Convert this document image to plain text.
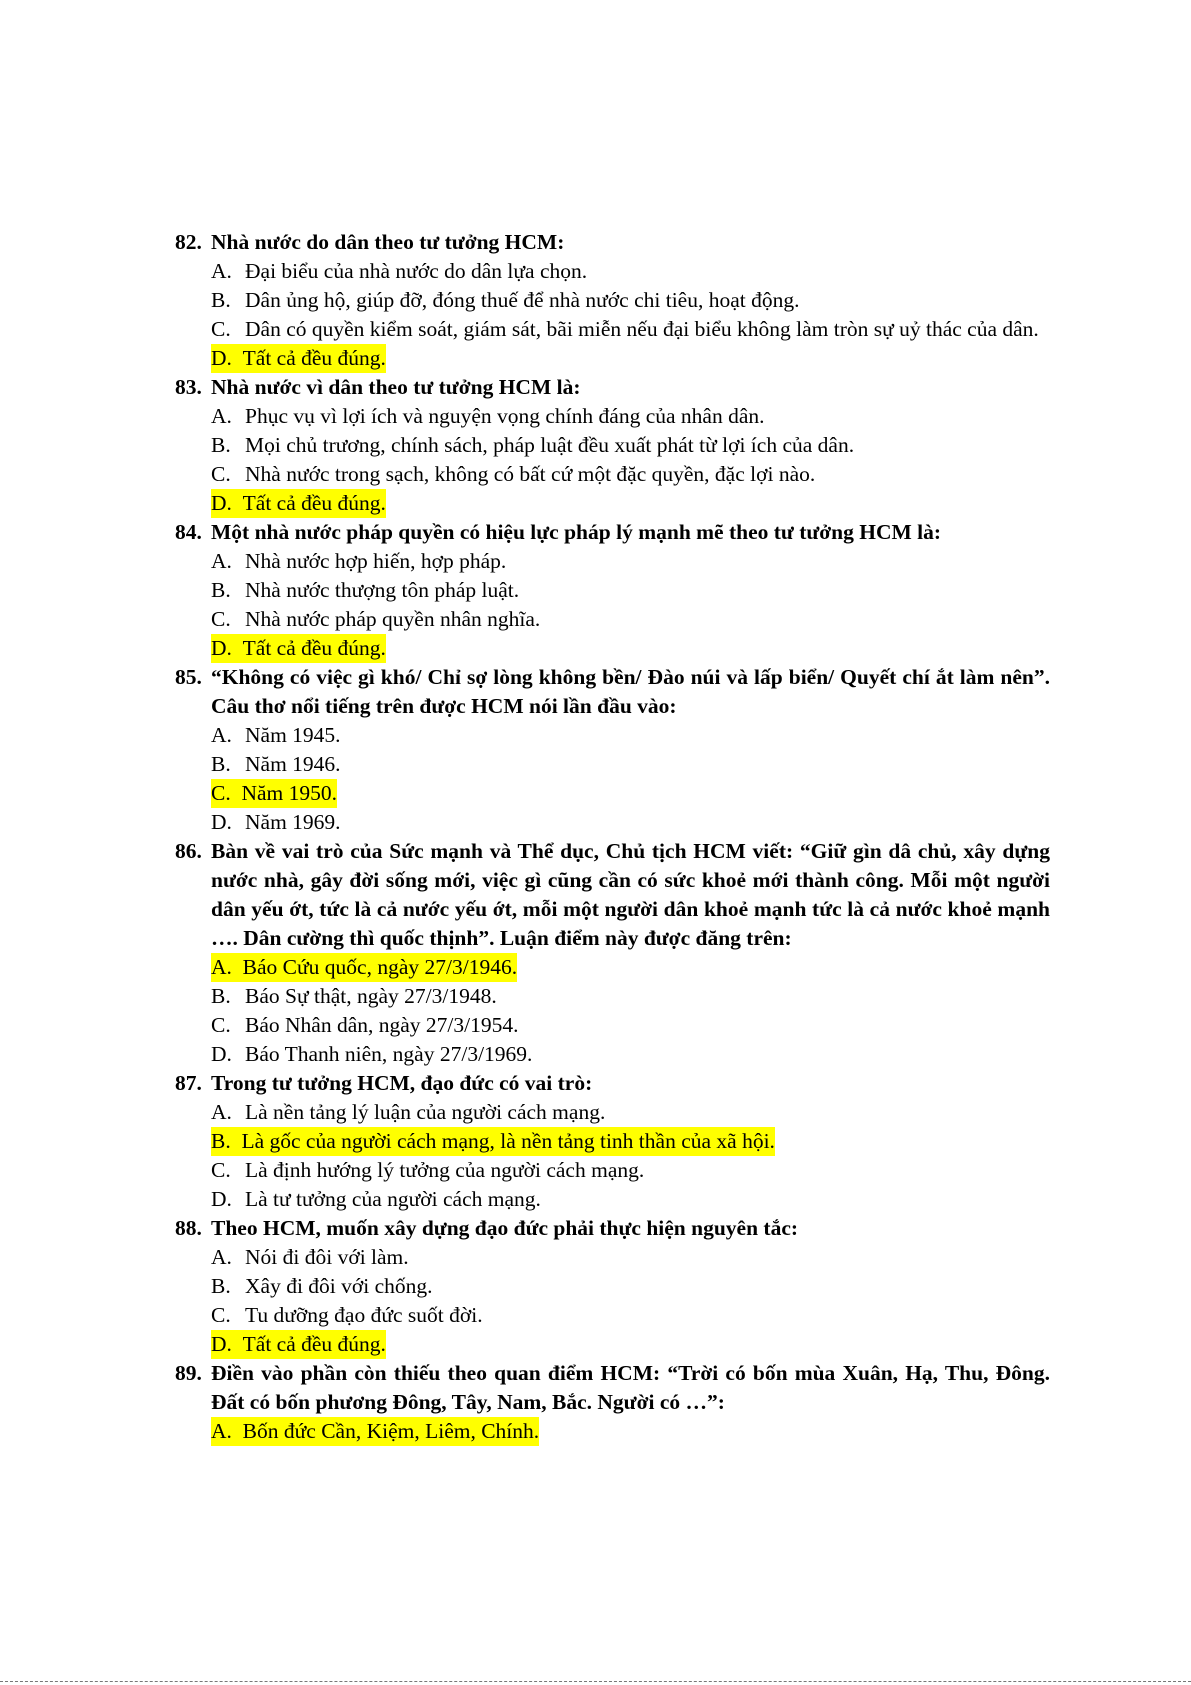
82. Nhà nước do dân theo tư tưởng HCM:
A. Đại biểu của nhà nước do dân lựa chọn.
B. Dân ủng hộ, giúp đỡ, đóng thuế để nhà nước chi tiêu, hoạt động.
C. Dân có quyền kiểm soát, giám sát, bãi miễn nếu đại biểu không làm tròn sự uỷ thác của dân.
D. Tất cả đều đúng.
83. Nhà nước vì dân theo tư tưởng HCM là:
A. Phục vụ vì lợi ích và nguyện vọng chính đáng của nhân dân.
B. Mọi chủ trương, chính sách, pháp luật đều xuất phát từ lợi ích của dân.
C. Nhà nước trong sạch, không có bất cứ một đặc quyền, đặc lợi nào.
D. Tất cả đều đúng.
84. Một nhà nước pháp quyền có hiệu lực pháp lý mạnh mẽ theo tư tưởng HCM là:
A. Nhà nước hợp hiến, hợp pháp.
B. Nhà nước thượng tôn pháp luật.
C. Nhà nước pháp quyền nhân nghĩa.
D. Tất cả đều đúng.
85. “Không có việc gì khó/ Chỉ sợ lòng không bền/ Đào núi và lấp biển/ Quyết chí ắt làm nên”. Câu thơ nổi tiếng trên được HCM nói lần đầu vào:
A. Năm 1945.
B. Năm 1946.
C. Năm 1950.
D. Năm 1969.
86. Bàn về vai trò của Sức mạnh và Thể dục, Chủ tịch HCM viết: “Giữ gìn dâ chủ, xây dựng nước nhà, gây đời sống mới, việc gì cũng cần có sức khoẻ mới thành công. Mỗi một người dân yếu ớt, tức là cả nước yếu ớt, mỗi một người dân khoẻ mạnh tức là cả nước khoẻ mạnh …. Dân cường thì quốc thịnh”. Luận điểm này được đăng trên:
A. Báo Cứu quốc, ngày 27/3/1946.
B. Báo Sự thật, ngày 27/3/1948.
C. Báo Nhân dân, ngày 27/3/1954.
D. Báo Thanh niên, ngày 27/3/1969.
87. Trong tư tưởng HCM, đạo đức có vai trò:
A. Là nền tảng lý luận của người cách mạng.
B. Là gốc của người cách mạng, là nền tảng tinh thần của xã hội.
C. Là định hướng lý tưởng của người cách mạng.
D. Là tư tưởng của người cách mạng.
88. Theo HCM, muốn xây dựng đạo đức phải thực hiện nguyên tắc:
A. Nói đi đôi với làm.
B. Xây đi đôi với chống.
C. Tu dưỡng đạo đức suốt đời.
D. Tất cả đều đúng.
89. Điền vào phần còn thiếu theo quan điểm HCM: “Trời có bốn mùa Xuân, Hạ, Thu, Đông. Đất có bốn phương Đông, Tây, Nam, Bắc. Người có …”:
A. Bốn đức Cần, Kiệm, Liêm, Chính.
